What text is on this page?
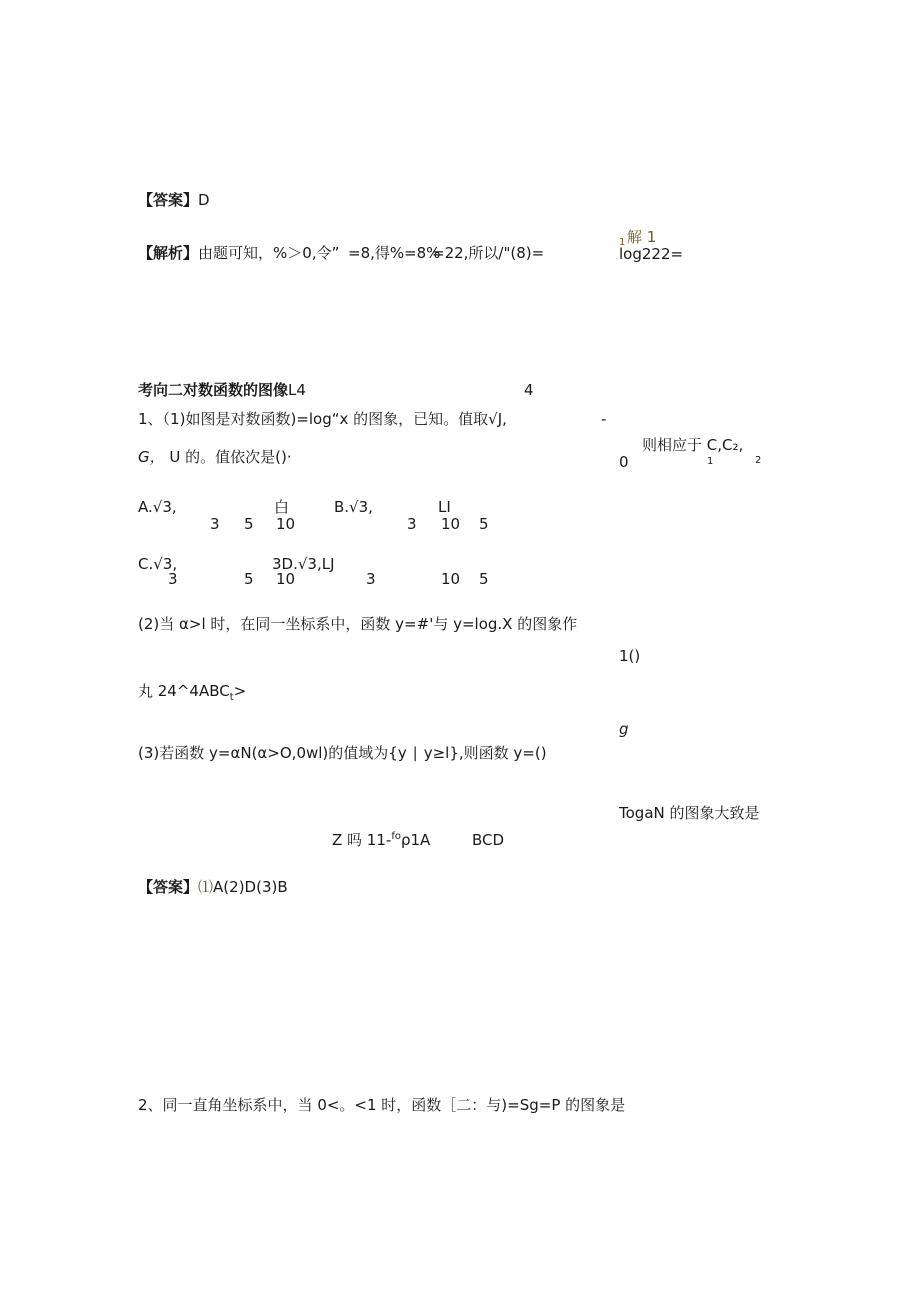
【答案】D
【解析】由题可知，%＞0,令” =8,得% =8%
=22,所以/"(8)=
1 解 1
log222=
考向二对数函数的图像L4	4
1、（1)如图是对数函数)=log“x 的图象，已知。值取√J,	-
G， U 的。值依次是()·	0
则相应于 C,C₂,
1	2
A.√3,	白	B.√3,	LI
3 5 10	3 10 5
C.√3,	3D.√3,LJ
3	5 10	3	10 5
(2)当 α>l 时，在同一坐标系中，函数 y=#'与 y=log.X 的图象作
1()
丸 $24\^{}4ABC_t>$
g
(3)若函数 y=αN(α>O,0wl)的值域为{y ∣ y≥l},则函数 y=()
TogaN 的图象大致是
Z 吗 11-$^{fo}$ρ1A	BCD
【答案】⑴A(2)D(3)B
2、同一直角坐标系中，当 0<。<1 时，函数［二：与)=Sg=P 的图象是
